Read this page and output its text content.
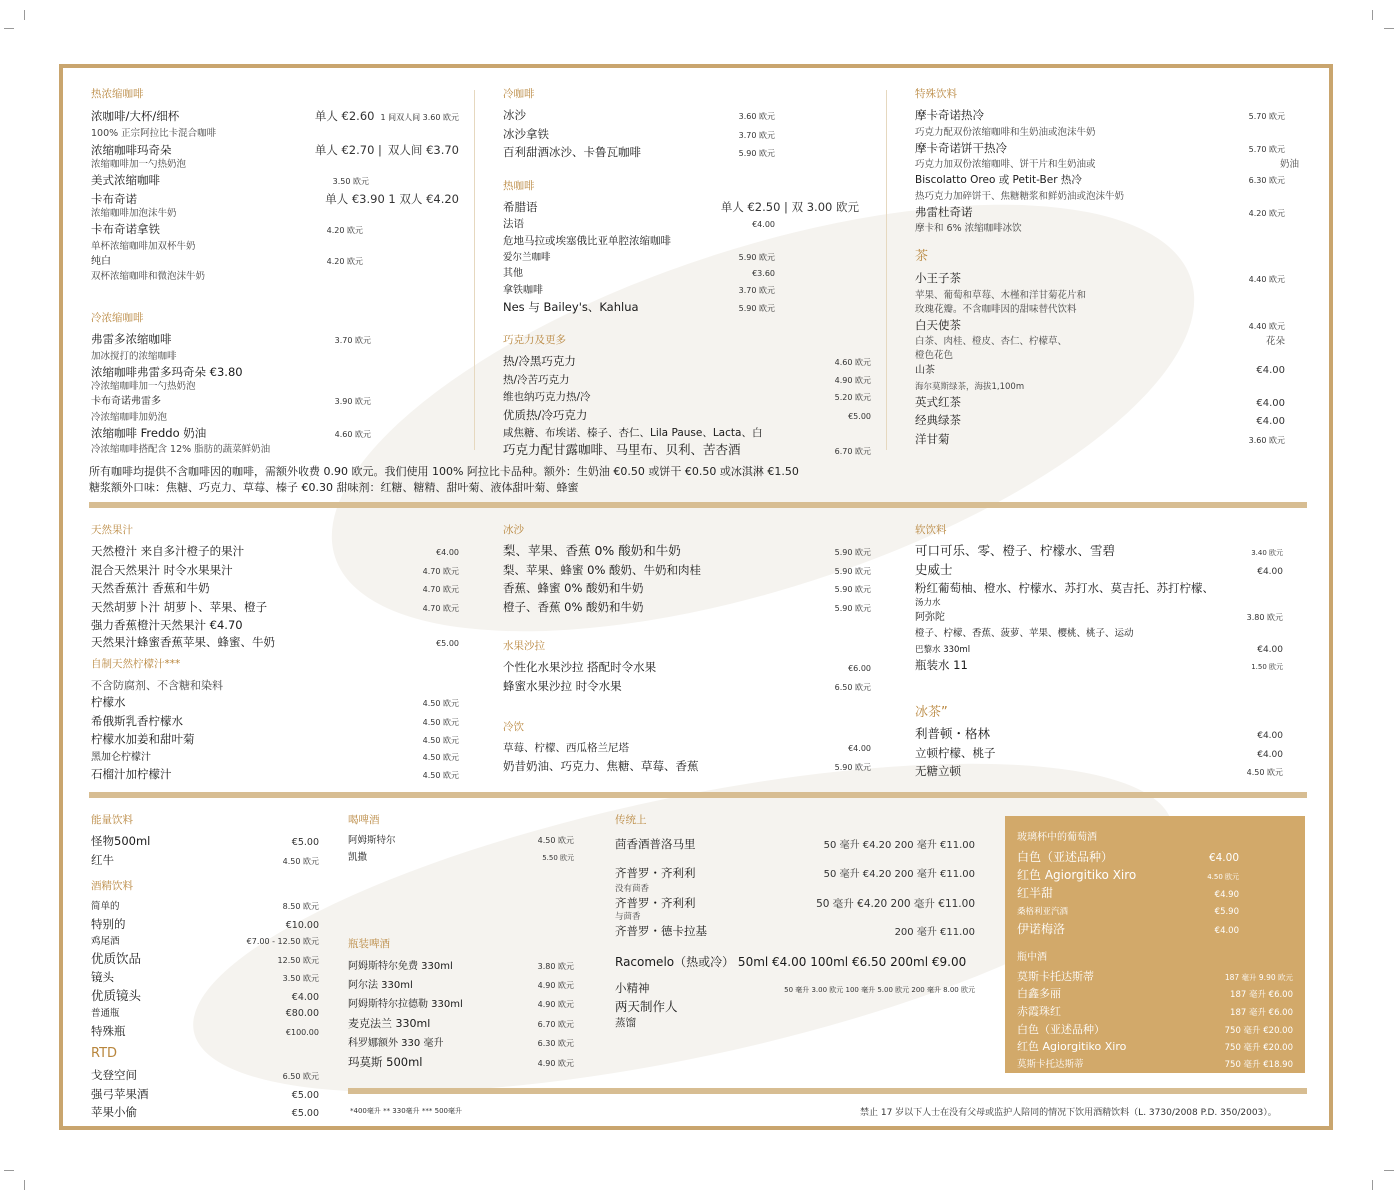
热浓缩咖啡
浓咖啡/大杯/细杯	单人 €2.60 1 间双人间 3.60 欧元
100% 正宗阿拉比卡混合咖啡
浓缩咖啡玛奇朵	单人 €2.70 | 双人间 €3.70
浓缩咖啡加一勺热奶泡
美式浓缩咖啡	3.50 欧元
卡布奇诺	单人 €3.90 1 双人 €4.20
浓缩咖啡加泡沫牛奶
卡布奇诺拿铁	4.20 欧元
单杯浓缩咖啡加双杯牛奶
纯白	4.20 欧元
双杯浓缩咖啡和微泡沫牛奶
冷浓缩咖啡
弗雷多浓缩咖啡	3.70 欧元
加冰搅打的浓缩咖啡
浓缩咖啡弗雷多玛奇朵 €3.80
冷浓缩咖啡加一勺热奶泡
卡布奇诺弗雷多	3.90 欧元
冷浓缩咖啡加奶泡
浓缩咖啡 Freddo 奶油	4.60 欧元
冷浓缩咖啡搭配含 12% 脂肪的蔬菜鲜奶油
冷咖啡
冰沙	3.60 欧元
冰沙拿铁	3.70 欧元
百利甜酒冰沙、卡鲁瓦咖啡	5.90 欧元
热咖啡
希腊语	单人 €2.50 | 双 3.00 欧元
法语	€4.00
危地马拉或埃塞俄比亚单腔浓缩咖啡
爱尔兰咖啡	5.90 欧元
其他	€3.60
拿铁咖啡	3.70 欧元
Nes 与 Bailey's、Kahlua	5.90 欧元
巧克力及更多
热/冷黑巧克力	4.60 欧元
热/冷苦巧克力	4.90 欧元
维也纳巧克力热/冷	5.20 欧元
优质热/冷巧克力	€5.00
咸焦糖、布埃诺、榛子、杏仁、Lila Pause、Lacta、白
巧克力配甘露咖啡、马里布、贝利、苦杏酒	6.70 欧元
特殊饮料
摩卡奇诺热冷	5.70 欧元
巧克力配双份浓缩咖啡和生奶油或泡沫牛奶
摩卡奇诺饼干热冷	5.70 欧元
巧克力加双份浓缩咖啡、饼干片和生奶油或	奶油
Biscolatto Oreo 或 Petit-Ber 热冷	6.30 欧元
热巧克力加碎饼干、焦糖糖浆和鲜奶油或泡沫牛奶
弗雷杜奇诺	4.20 欧元
摩卡和 6% 浓缩咖啡冰饮
茶
小王子茶	4.40 欧元
苹果、葡萄和草莓、木槿和洋甘菊花片和
玫瑰花瓣。不含咖啡因的甜味替代饮料
白天使茶	4.40 欧元
白茶、肉桂、橙皮、杏仁、柠檬草、	花朵
橙色花色
山茶	€4.00
海尔莫斯绿茶，海拔1,100m
英式红茶	€4.00
经典绿茶	€4.00
洋甘菊	3.60 欧元
所有咖啡均提供不含咖啡因的咖啡，需额外收费 0.90 欧元。我们使用 100% 阿拉比卡品种。额外：生奶油 €0.50 或饼干 €0.50 或冰淇淋 €1.50
糖浆额外口味：焦糖、巧克力、草莓、榛子 €0.30 甜味剂：红糖、糖精、甜叶菊、液体甜叶菊、蜂蜜
天然果汁
天然橙汁 来自多汁橙子的果汁	€4.00
混合天然果汁 时令水果果汁	4.70 欧元
天然香蕉汁 香蕉和牛奶	4.70 欧元
天然胡萝卜汁 胡萝卜、苹果、橙子	4.70 欧元
强力香蕉橙汁天然果汁 €4.70
天然果汁蜂蜜香蕉苹果、蜂蜜、牛奶	€5.00
自制天然柠檬汁***
不含防腐剂、不含糖和染料
柠檬水	4.50 欧元
希俄斯乳香柠檬水	4.50 欧元
柠檬水加姜和甜叶菊	4.50 欧元
黑加仑柠檬汁	4.50 欧元
石榴汁加柠檬汁	4.50 欧元
冰沙
梨、苹果、香蕉 0% 酸奶和牛奶	5.90 欧元
梨、苹果、蜂蜜 0% 酸奶、牛奶和肉桂	5.90 欧元
香蕉、蜂蜜 0% 酸奶和牛奶	5.90 欧元
橙子、香蕉 0% 酸奶和牛奶	5.90 欧元
水果沙拉
个性化水果沙拉 搭配时令水果	€6.00
蜂蜜水果沙拉 时令水果	6.50 欧元
冷饮
草莓、柠檬、西瓜格兰尼塔	€4.00
奶昔奶油、巧克力、焦糖、草莓、香蕉	5.90 欧元
软饮料
可口可乐、零、橙子、柠檬水、雪碧	3.40 欧元
史威士	€4.00
粉红葡萄柚、橙水、柠檬水、苏打水、莫吉托、苏打柠檬、
汤力水
阿弥陀	3.80 欧元
橙子、柠檬、香蕉、菠萝、苹果、樱桃、桃子、运动
巴黎水 330ml	€4.00
瓶装水 11	1.50 欧元
冰茶”
利普顿・格林	€4.00
立顿柠檬、桃子	€4.00
无糖立顿	4.50 欧元
能量饮料
怪物500ml	€5.00
红牛	4.50 欧元
酒精饮料
简单的	8.50 欧元
特别的	€10.00
鸡尾酒	€7.00 - 12.50 欧元
优质饮品	12.50 欧元
镜头	3.50 欧元
优质镜头	€4.00
普通瓶	€80.00
特殊瓶	€100.00
RTD
戈登空间	6.50 欧元
强弓苹果酒	€5.00
苹果小偷	€5.00
喝啤酒
阿姆斯特尔	4.50 欧元
凯撒	5.50 欧元
瓶装啤酒
阿姆斯特尔免费 330ml	3.80 欧元
阿尔法 330ml	4.90 欧元
阿姆斯特尔拉德勒 330ml	4.90 欧元
麦克法兰 330ml	6.70 欧元
科罗娜额外 330 毫升	6.30 欧元
玛莫斯 500ml	4.90 欧元
传统上
茴香酒普洛马里	50 毫升 €4.20 200 毫升 €11.00
齐普罗・齐利利	50 毫升 €4.20 200 毫升 €11.00
没有茴香
齐普罗・齐利利	50 毫升 €4.20 200 毫升 €11.00
与茴香
齐普罗・德卡拉基	200 毫升 €11.00
Racomelo（热或冷） 50ml €4.00 100ml €6.50 200ml €9.00
小精神	50 毫升 3.00 欧元 100 毫升 5.00 欧元 200 毫升 8.00 欧元
两天制作人
蒸馏
玻璃杯中的葡萄酒
白色（亚述品种）	€4.00
红色 Agiorgitiko Xiro	4.50 欧元
红半甜	€4.90
桑格利亚汽酒	€5.90
伊诺梅洛	€4.00
瓶中酒
莫斯卡托达斯蒂	187 毫升 9.90 欧元
白鑫多丽	187 毫升 €6.00
赤霞珠红	187 毫升 €6.00
白色（亚述品种）	750 毫升 €20.00
红色 Agiorgitiko Xiro	750 毫升 €20.00
莫斯卡托达斯蒂	750 毫升 €18.90
*400毫升 ** 330毫升 *** 500毫升	禁止 17 岁以下人士在没有父母或监护人陪同的情况下饮用酒精饮料（L. 3730/2008 P.D. 350/2003）。
